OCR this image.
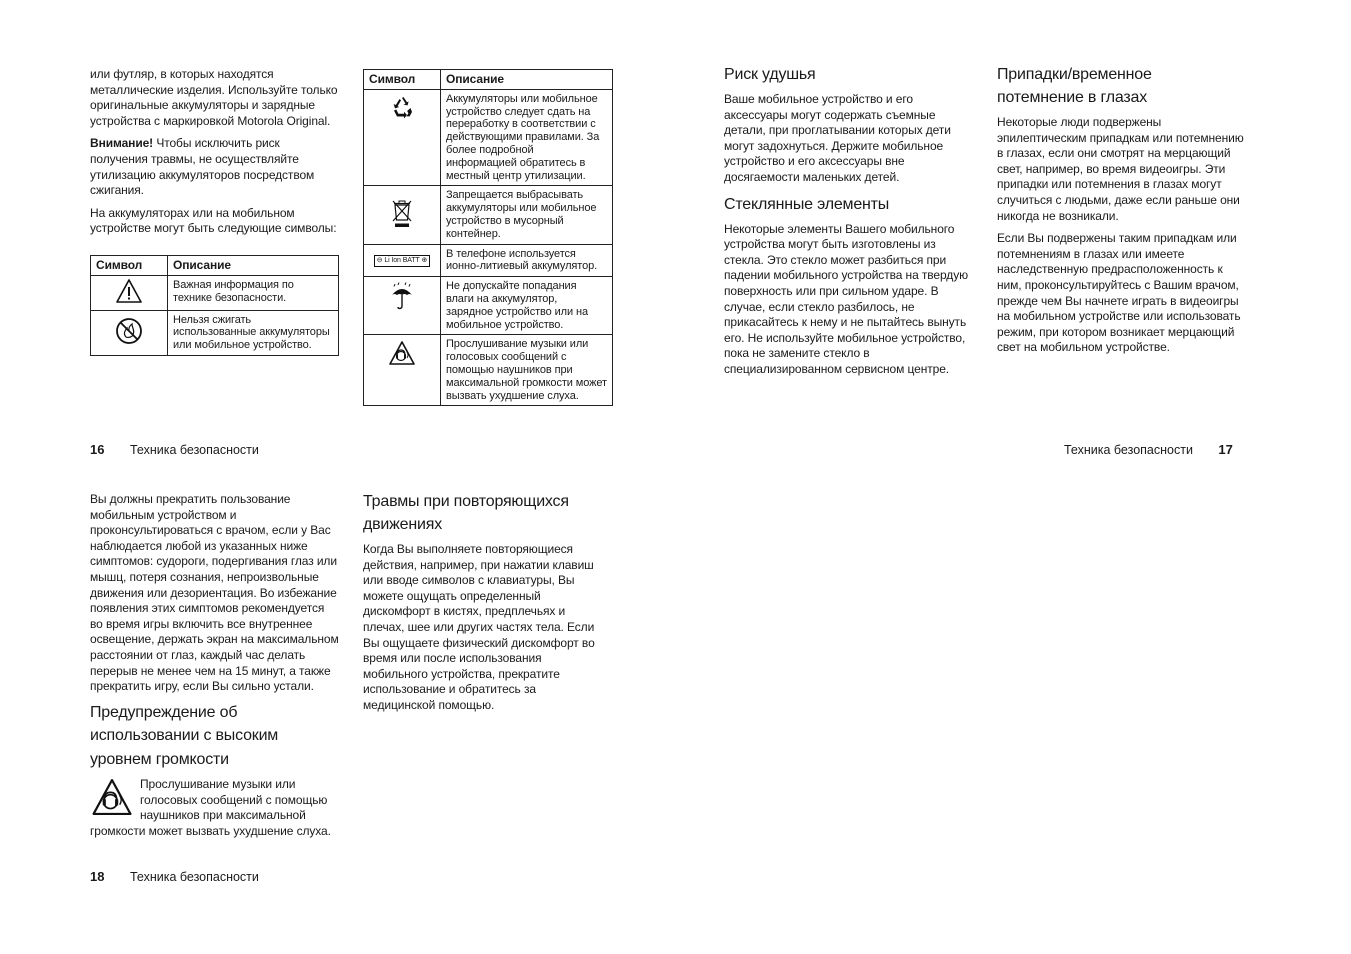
или футляр, в которых находятся металлические изделия. Используйте только оригинальные аккумуляторы и зарядные устройства с маркировкой Motorola Original.

Внимание! Чтобы исключить риск получения травмы, не осуществляйте утилизацию аккумуляторов посредством сжигания.

На аккумуляторах или на мобильном устройстве могут быть следующие символы:

Символ	Описание
	Важная информация по технике безопасности.
	Нельзя сжигать использованные аккумуляторы или мобильное устройство.
Символ	Описание
	Аккумуляторы или мобильное устройство следует сдать на переработку в соответствии с действующими правилами. За более подробной информацией обратитесь в местный центр утилизации.
	Запрещается выбрасывать аккумуляторы или мобильное устройство в мусорный контейнер.
⊖ Li Ion BATT ⊕	В телефоне используется ионно-литиевый аккумулятор.
	Не допускайте попадания влаги на аккумулятор, зарядное устройство или на мобильное устройство.
	Прослушивание музыки или голосовых сообщений с помощью наушников при максимальной громкости может вызвать ухудшение слуха.
16 Техника безопасности
Риск удушья

Ваше мобильное устройство и его аксессуары могут содержать съемные детали, при проглатывании которых дети могут задохнуться. Держите мобильное устройство и его аксессуары вне досягаемости маленьких детей.

Стеклянные элементы

Некоторые элементы Вашего мобильного устройства могут быть изготовлены из стекла. Это стекло может разбиться при падении мобильного устройства на твердую поверхность или при сильном ударе. В случае, если стекло разбилось, не прикасайтесь к нему и не пытайтесь вынуть его. Не используйте мобильное устройство, пока не замените стекло в специализированном сервисном центре.

Припадки/временное
потемнение в глазах

Некоторые люди подвержены эпилептическим припадкам или потемнению в глазах, если они смотрят на мерцающий свет, например, во время видеоигры. Эти припадки или потемнения в глазах могут случиться с людьми, даже если раньше они никогда не возникали.

Если Вы подвержены таким припадкам или потемнениям в глазах или имеете наследственную предрасположенность к ним, проконсультируйтесь с Вашим врачом, прежде чем Вы начнете играть в видеоигры на мобильном устройстве или использовать режим, при котором возникает мерцающий свет на мобильном устройстве.

Техника безопасности 17

Вы должны прекратить пользование мобильным устройством и проконсультироваться с врачом, если у Вас наблюдается любой из указанных ниже симптомов: судороги, подергивания глаз или мышц, потеря сознания, непроизвольные движения или дезориентация. Во избежание появления этих симптомов рекомендуется во время игры включить все внутреннее освещение, держать экран на максимальном расстоянии от глаз, каждый час делать перерыв не менее чем на 15 минут, а также прекратить игру, если Вы сильно устали.

Предупреждение об
использовании с высоким
уровнем громкости

Прослушивание музыки или голосовых сообщений с помощью наушников при максимальной громкости может вызвать ухудшение слуха.

Травмы при повторяющихся
движениях

Когда Вы выполняете повторяющиеся действия, например, при нажатии клавиш или вводе символов с клавиатуры, Вы можете ощущать определенный дискомфорт в кистях, предплечьях и плечах, шее или других частях тела. Если Вы ощущаете физический дискомфорт во время или после использования мобильного устройства, прекратите использование и обратитесь за медицинской помощью.

18 Техника безопасности
